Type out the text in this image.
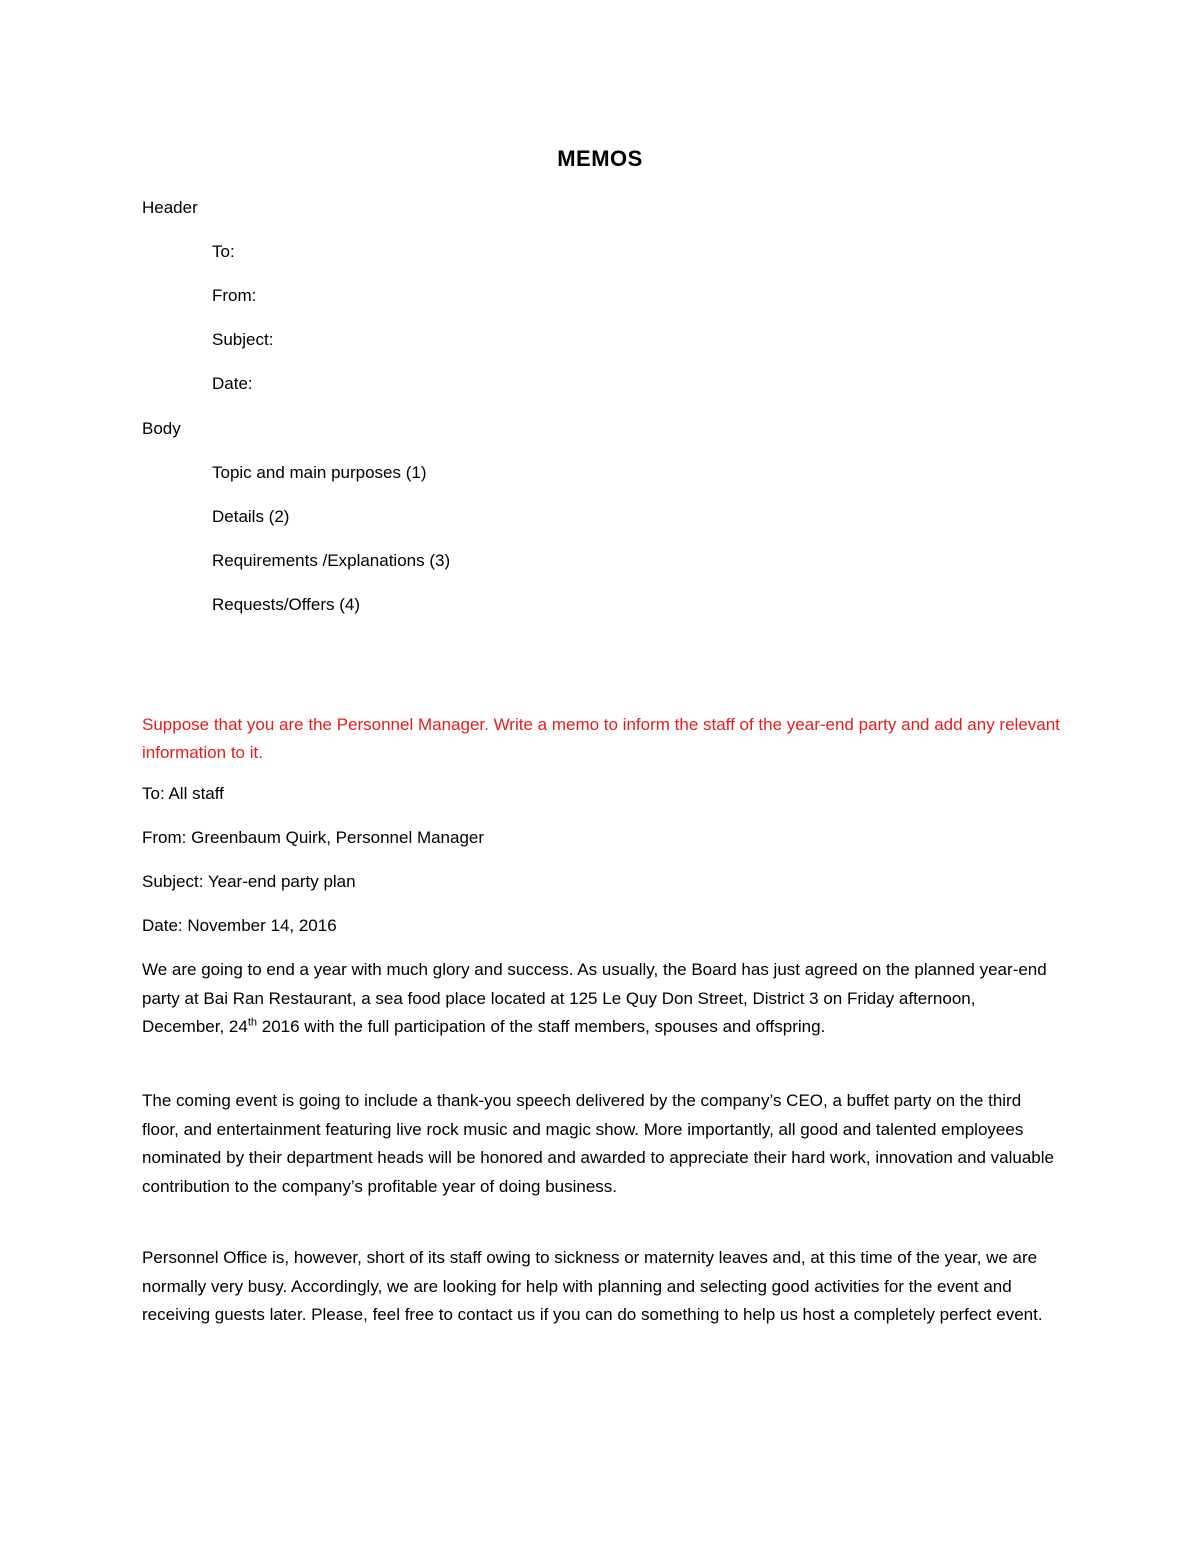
MEMOS
Header
To:
From:
Subject:
Date:
Body
Topic and main purposes (1)
Details (2)
Requirements /Explanations (3)
Requests/Offers (4)
Suppose that you are the Personnel Manager. Write a memo to inform the staff of the year-end party and add any relevant information to it.
To: All staff
From: Greenbaum Quirk, Personnel Manager
Subject: Year-end party plan
Date: November 14, 2016
We are going to end a year with much glory and success. As usually, the Board has just agreed on the planned year-end party at Bai Ran Restaurant, a sea food place located at 125 Le Quy Don Street, District 3 on Friday afternoon, December, 24th 2016 with the full participation of the staff members, spouses and offspring.
The coming event is going to include a thank-you speech delivered by the company’s CEO, a buffet party on the third floor, and entertainment featuring live rock music and magic show. More importantly, all good and talented employees nominated by their department heads will be honored and awarded to appreciate their hard work, innovation and valuable contribution to the company’s profitable year of doing business.
Personnel Office is, however, short of its staff owing to sickness or maternity leaves and, at this time of the year, we are normally very busy. Accordingly, we are looking for help with planning and selecting good activities for the event and receiving guests later. Please, feel free to contact us if you can do something to help us host a completely perfect event.
